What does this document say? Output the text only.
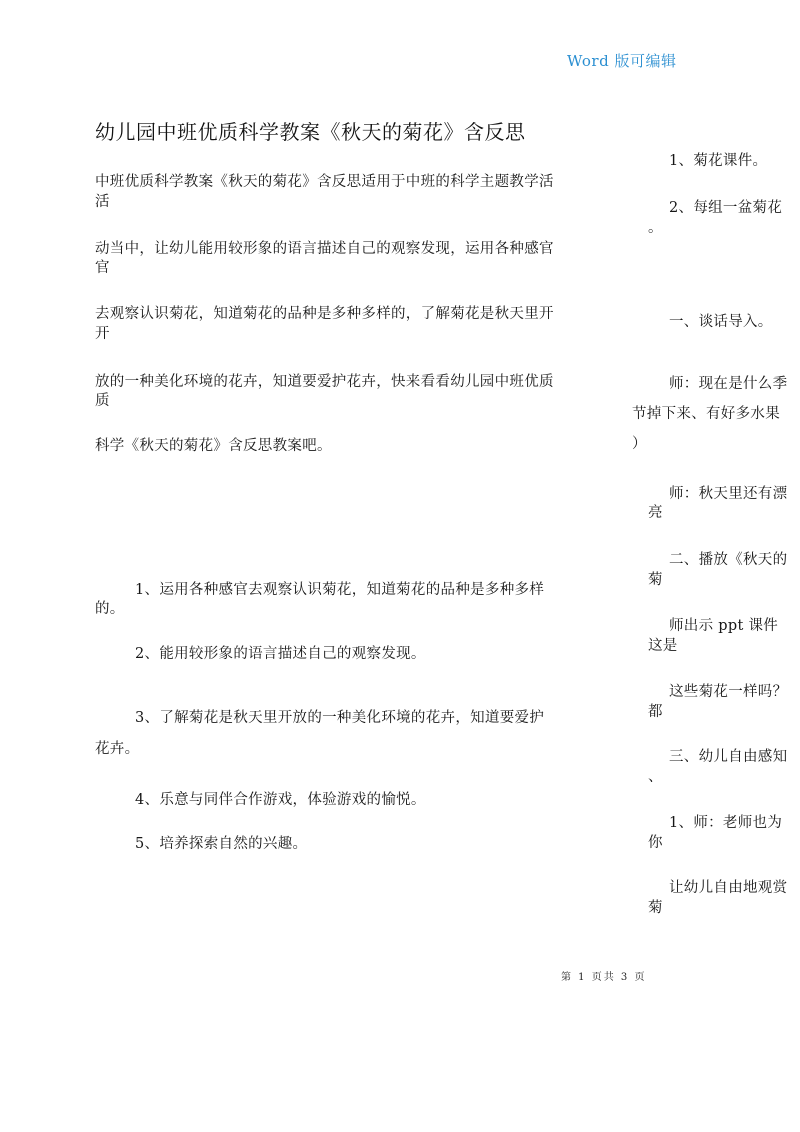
Word 版可编辑
幼儿园中班优质科学教案《秋天的菊花》含反思
中班优质科学教案《秋天的菊花》含反思适用于中班的科学主题教学活
动当中，让幼儿能用较形象的语言描述自己的观察发现，运用各种感官
去观察认识菊花，知道菊花的品种是多种多样的，了解菊花是秋天里开
放的一种美化环境的花卉，知道要爱护花卉，快来看看幼儿园中班优质
科学《秋天的菊花》含反思教案吧。
活
官
开
质
1、运用各种感官去观察认识菊花，知道菊花的品种是多种多样
的。
2、能用较形象的语言描述自己的观察发现。
3、了解菊花是秋天里开放的一种美化环境的花卉，知道要爱护
花卉。
4、乐意与同伴合作游戏，体验游戏的愉悦。
5、培养探索自然的兴趣。
1、菊花课件。
2、每组一盆菊花
。
一、谈话导入。
师：现在是什么季
节掉下来、有好多水果
）
师：秋天里还有漂
亮
二、播放《秋天的
菊
师出示 ppt 课件
这是
这些菊花一样吗？
都
三、幼儿自由感知
、
1、师：老师也为
你
让幼儿自由地观赏
菊
第 1 页共 3 页
